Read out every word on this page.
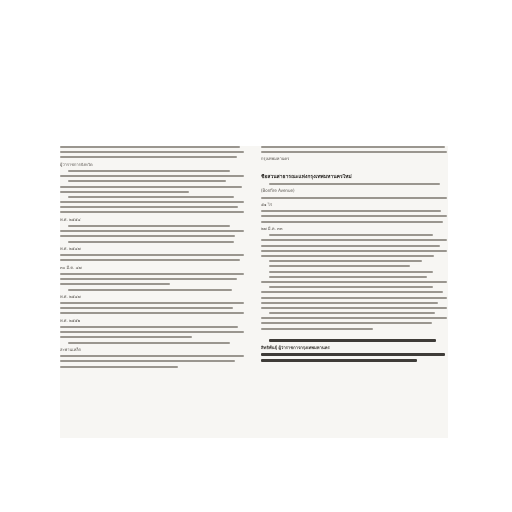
ผู้ว่าราชการจังหวัด
พ.ศ. ๒๕๕๔
พ.ศ. ๒๕๔๗
๓๐ มี.ค. ๔๗
พ.ศ. ๒๕๔๗
พ.ศ. ๒๕๕๒
สะพานเหล็ก
กรุงเทพมหานคร
ชื่อสวนสาธารณะแห่งกรุงเทพมหานครใหม่
(Bonfire Avenue)
๕๑ ไร่
๒๗ มี.ค. ๓๓
สิทธิพันธุ์ ผู้ว่าราชการกรุงเทพมหานคร
